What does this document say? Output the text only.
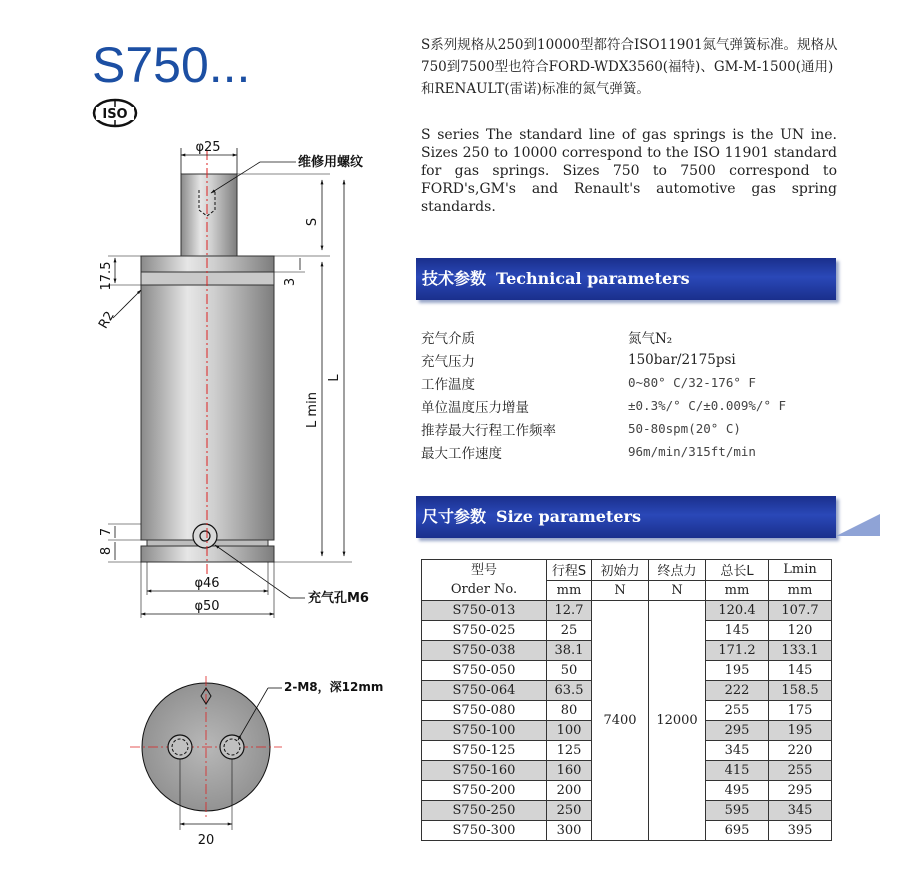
S750...
ISO
S系列规格从250到10000型都符合ISO11901氮气弹簧标准。规格从750到7500型也符合FORD-WDX3560(福特)、GM-M-1500(通用)和RENAULT(雷诺)标准的氮气弹簧。
S series The standard line of gas springs is the UN ine. Sizes 250 to 10000 correspond to the ISO 11901 standard for gas springs. Sizes 750 to 7500 correspond to FORD's,GM's and Renault's automotive gas spring standards.
技术参数 Technical parameters
充气介质	氮气N₂
充气压力	150bar/2175psi
工作温度	0~80° C/32-176° F
单位温度压力增量	±0.3%/° C/±0.009%/° F
推荐最大行程工作频率	50-80spm(20° C)
最大工作速度	96m/min/315ft/min
尺寸参数 Size parameters
型号
Order No.	行程S	初始力	终点力	总长L	Lmin
	mm	N	N	mm	mm
S750-013	12.7	7400	12000	120.4	107.7
S750-025	25			145	120
S750-038	38.1			171.2	133.1
S750-050	50			195	145
S750-064	63.5			222	158.5
S750-080	80			255	175
S750-100	100			295	195
S750-125	125			345	220
S750-160	160			415	255
S750-200	200			495	295
S750-250	250			595	345
S750-300	300			695	395
φ25
维修用螺纹
S
3
L
L min
17.5
R2
7
8
φ46
φ50
充气孔M6
2-M8，深12mm
20
